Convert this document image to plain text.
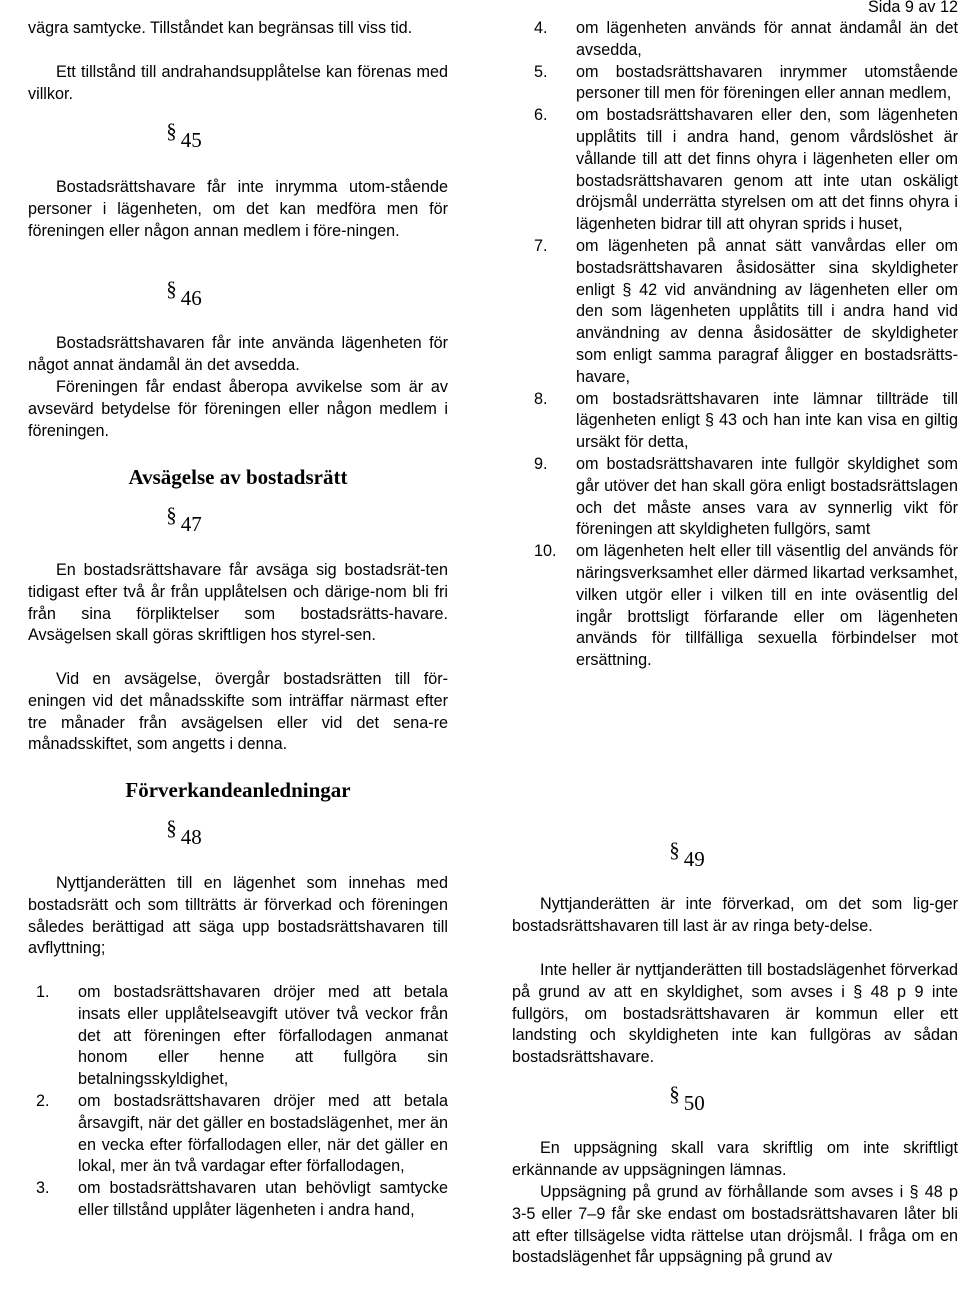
vägra samtycke. Tillståndet kan begränsas till viss tid.

Ett tillstånd till andrahandsupplåtelse kan förenas med villkor.

§ 45

Bostadsrättshavare får inte inrymma utom-stående personer i lägenheten, om det kan medföra men för föreningen eller någon annan medlem i före-ningen.

§ 46

Bostadsrättshavaren får inte använda lägenheten för något annat ändamål än det avsedda.

Föreningen får endast åberopa avvikelse som är av avsevärd betydelse för föreningen eller någon medlem i föreningen.

Avsägelse av bostadsrätt
§ 47

En bostadsrättshavare får avsäga sig bostadsrät-ten tidigast efter två år från upplåtelsen och därige-nom bli fri från sina förpliktelser som bostadsrätts-havare. Avsägelsen skall göras skriftligen hos styrel-sen.

Vid en avsägelse, övergår bostadsrätten till för-eningen vid det månadsskifte som inträffar närmast efter tre månader från avsägelsen eller vid det sena-re månadsskiftet, som angetts i denna.

Förverkandeanledningar
§ 48

Nyttjanderätten till en lägenhet som innehas med bostadsrätt och som tillträtts är förverkad och föreningen således berättigad att säga upp bostadsrättshavaren till avflyttning;

1.	om bostadsrättshavaren dröjer med att betala insats eller upplåtelseavgift utöver två veckor från det att föreningen efter förfallodagen anmanat honom eller henne att fullgöra sin betalningsskyldighet,
2.	om bostadsrättshavaren dröjer med att betala årsavgift, när det gäller en bostadslägenhet, mer än en vecka efter förfallodagen eller, när det gäller en lokal, mer än två vardagar efter förfallodagen,
3.	om bostadsrättshavaren utan behövligt samtycke eller tillstånd upplåter lägenheten i andra hand,
Sida 9 av 12
4.	om lägenheten används för annat ändamål än det avsedda,
5.	om bostadsrättshavaren inrymmer utomstående personer till men för föreningen eller annan medlem,
6.	om bostadsrättshavaren eller den, som lägenheten upplåtits till i andra hand, genom vårdslöshet är vållande till att det finns ohyra i lägenheten eller om bostadsrättshavaren genom att inte utan oskäligt dröjsmål underrätta styrelsen om att det finns ohyra i lägenheten bidrar till att ohyran sprids i huset,
7.	om lägenheten på annat sätt vanvårdas eller om bostadsrättshavaren åsidosätter sina skyldigheter enligt § 42 vid användning av lägenheten eller om den som lägenheten upplåtits till i andra hand vid användning av denna åsidosätter de skyldigheter som enligt samma paragraf åligger en bostadsrätts-havare,
8.	om bostadsrättshavaren inte lämnar tillträde till lägenheten enligt § 43 och han inte kan visa en giltig ursäkt för detta,
9.	om bostadsrättshavaren inte fullgör skyldighet som går utöver det han skall göra enligt bostadsrättslagen och det måste anses vara av synnerlig vikt för föreningen att skyldigheten fullgörs, samt
10.	om lägenheten helt eller till väsentlig del används för näringsverksamhet eller därmed likartad verksamhet, vilken utgör eller i vilken till en inte oväsentlig del ingår brottsligt förfarande eller om lägenheten används för tillfälliga sexuella förbindelser mot ersättning.
§ 49

Nyttjanderätten är inte förverkad, om det som lig-ger bostadsrättshavaren till last är av ringa bety-delse.

Inte heller är nyttjanderätten till bostadslägenhet förverkad på grund av att en skyldighet, som avses i § 48 p 9 inte fullgörs, om bostadsrättshavaren är kommun eller ett landsting och skyldigheten inte kan fullgöras av sådan bostadsrättshavare.

§ 50

En uppsägning skall vara skriftlig om inte skriftligt erkännande av uppsägningen lämnas.

Uppsägning på grund av förhållande som avses i § 48 p 3-5 eller 7–9 får ske endast om bostadsrättshavaren låter bli att efter tillsägelse vidta rättelse utan dröjsmål. I fråga om en bostadslägenhet får uppsägning på grund av
